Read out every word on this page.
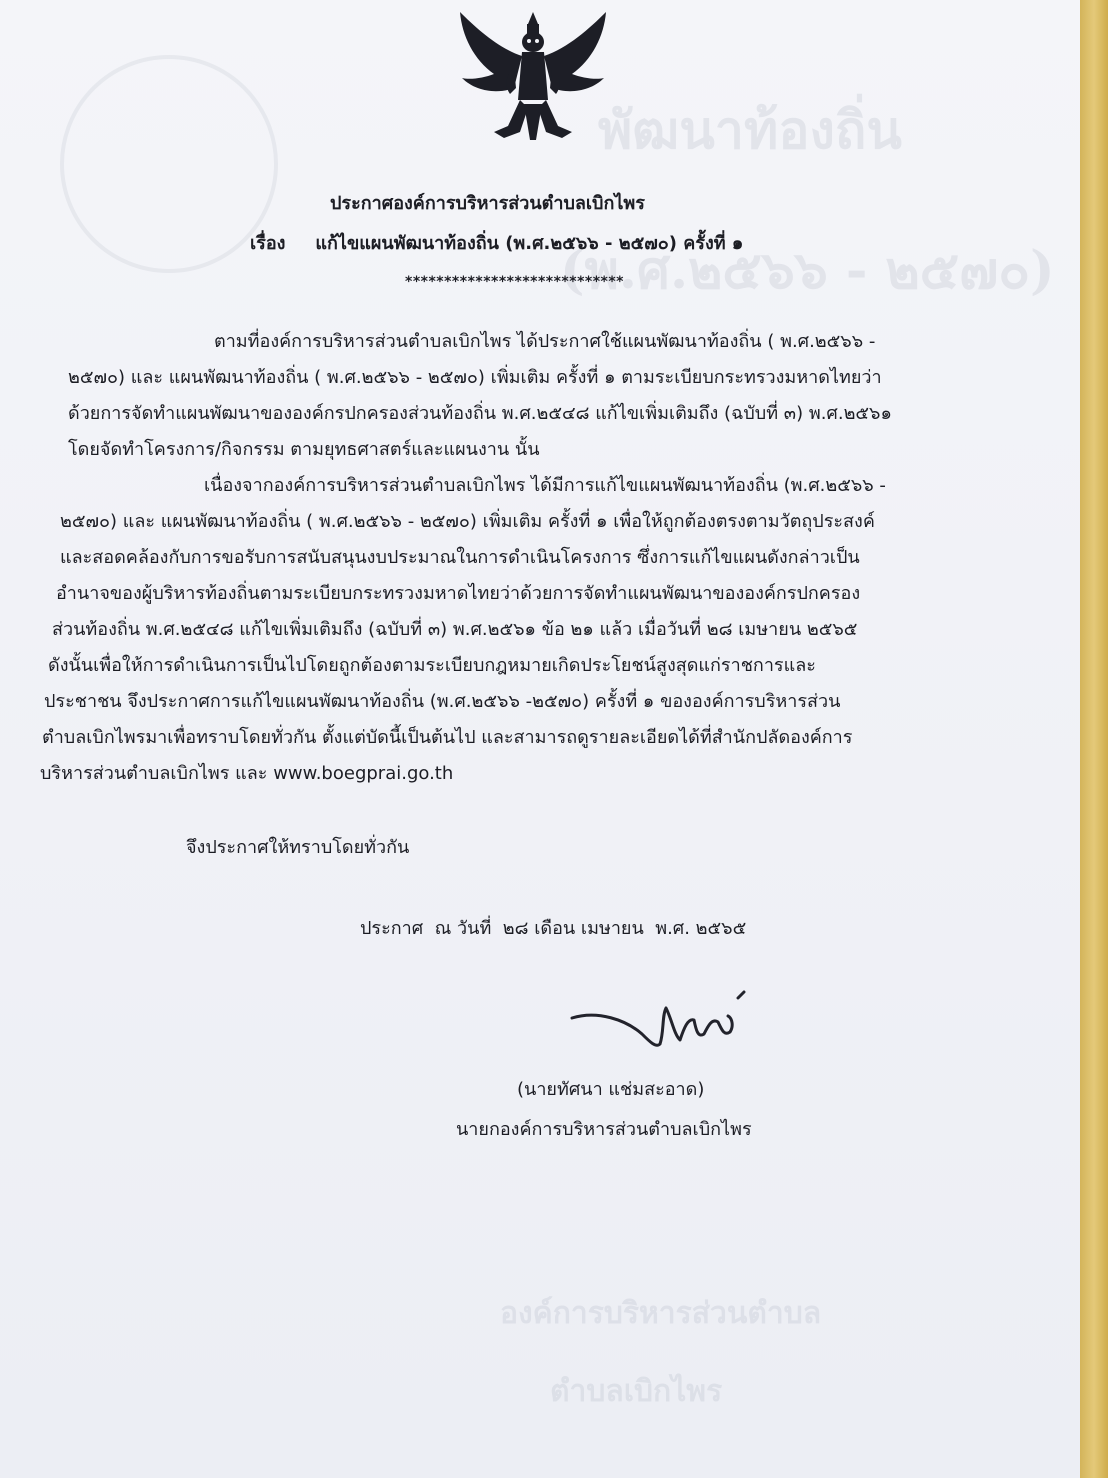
พัฒนาท้องถิ่น
(พ.ศ.๒๕๖๖ - ๒๕๗๐)
องค์การบริหารส่วนตำบล
ตำบลเบิกไพร
ประกาศองค์การบริหารส่วนตำบลเบิกไพร
เรื่อง แก้ไขแผนพัฒนาท้องถิ่น (พ.ศ.๒๕๖๖ - ๒๕๗๐) ครั้งที่ ๑
****************************
ตามที่องค์การบริหารส่วนตำบลเบิกไพร ได้ประกาศใช้แผนพัฒนาท้องถิ่น ( พ.ศ.๒๕๖๖ -
๒๕๗๐) และ แผนพัฒนาท้องถิ่น ( พ.ศ.๒๕๖๖ - ๒๕๗๐) เพิ่มเติม ครั้งที่ ๑ ตามระเบียบกระทรวงมหาดไทยว่า
ด้วยการจัดทำแผนพัฒนาขององค์กรปกครองส่วนท้องถิ่น พ.ศ.๒๕๔๘ แก้ไขเพิ่มเติมถึง (ฉบับที่ ๓) พ.ศ.๒๕๖๑
โดยจัดทำโครงการ/กิจกรรม ตามยุทธศาสตร์และแผนงาน นั้น
เนื่องจากองค์การบริหารส่วนตำบลเบิกไพร ได้มีการแก้ไขแผนพัฒนาท้องถิ่น (พ.ศ.๒๕๖๖ -
๒๕๗๐) และ แผนพัฒนาท้องถิ่น ( พ.ศ.๒๕๖๖ - ๒๕๗๐) เพิ่มเติม ครั้งที่ ๑ เพื่อให้ถูกต้องตรงตามวัตถุประสงค์
และสอดคล้องกับการขอรับการสนับสนุนงบประมาณในการดำเนินโครงการ ซึ่งการแก้ไขแผนดังกล่าวเป็น
อำนาจของผู้บริหารท้องถิ่นตามระเบียบกระทรวงมหาดไทยว่าด้วยการจัดทำแผนพัฒนาขององค์กรปกครอง
ส่วนท้องถิ่น พ.ศ.๒๕๔๘ แก้ไขเพิ่มเติมถึง (ฉบับที่ ๓) พ.ศ.๒๕๖๑ ข้อ ๒๑ แล้ว เมื่อวันที่ ๒๘ เมษายน ๒๕๖๕
ดังนั้นเพื่อให้การดำเนินการเป็นไปโดยถูกต้องตามระเบียบกฎหมายเกิดประโยชน์สูงสุดแก่ราชการและ
ประชาชน จึงประกาศการแก้ไขแผนพัฒนาท้องถิ่น (พ.ศ.๒๕๖๖ -๒๕๗๐) ครั้งที่ ๑ ขององค์การบริหารส่วน
ตำบลเบิกไพรมาเพื่อทราบโดยทั่วกัน ตั้งแต่บัดนี้เป็นต้นไป และสามารถดูรายละเอียดได้ที่สำนักปลัดองค์การ
บริหารส่วนตำบลเบิกไพร และ www.boegprai.go.th
จึงประกาศให้ทราบโดยทั่วกัน
ประกาศ  ณ วันที่  ๒๘ เดือน เมษายน  พ.ศ. ๒๕๖๕
(นายทัศนา แช่มสะอาด)
นายกองค์การบริหารส่วนตำบลเบิกไพร
